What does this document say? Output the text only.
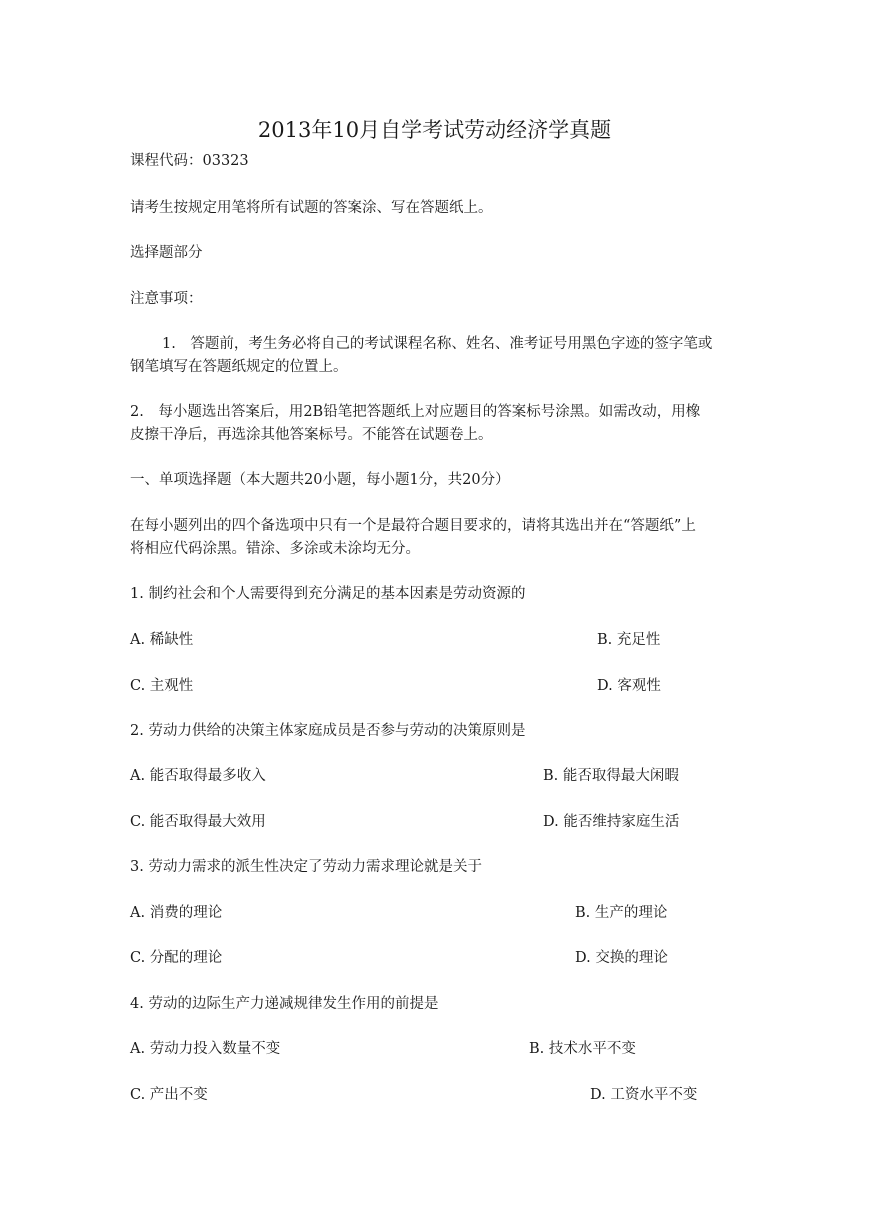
2013年10月自学考试劳动经济学真题
课程代码：03323
请考生按规定用笔将所有试题的答案涂、写在答题纸上。
选择题部分
注意事项：
1.　答题前，考生务必将自己的考试课程名称、姓名、准考证号用黑色字迹的签字笔或
钢笔填写在答题纸规定的位置上。
2.　每小题选出答案后，用2B铅笔把答题纸上对应题目的答案标号涂黑。如需改动，用橡
皮擦干净后，再选涂其他答案标号。不能答在试题卷上。
一、单项选择题（本大题共20小题，每小题1分，共20分）
在每小题列出的四个备选项中只有一个是最符合题目要求的，请将其选出并在“答题纸”上
将相应代码涂黑。错涂、多涂或未涂均无分。
1. 制约社会和个人需要得到充分满足的基本因素是劳动资源的
A. 稀缺性	B. 充足性
C. 主观性	D. 客观性
2. 劳动力供给的决策主体家庭成员是否参与劳动的决策原则是
A. 能否取得最多收入	B. 能否取得最大闲暇
C. 能否取得最大效用	D. 能否维持家庭生活
3. 劳动力需求的派生性决定了劳动力需求理论就是关于
A. 消费的理论	B. 生产的理论
C. 分配的理论	D. 交换的理论
4. 劳动的边际生产力递减规律发生作用的前提是
A. 劳动力投入数量不变	B. 技术水平不变
C. 产出不变	D. 工资水平不变
